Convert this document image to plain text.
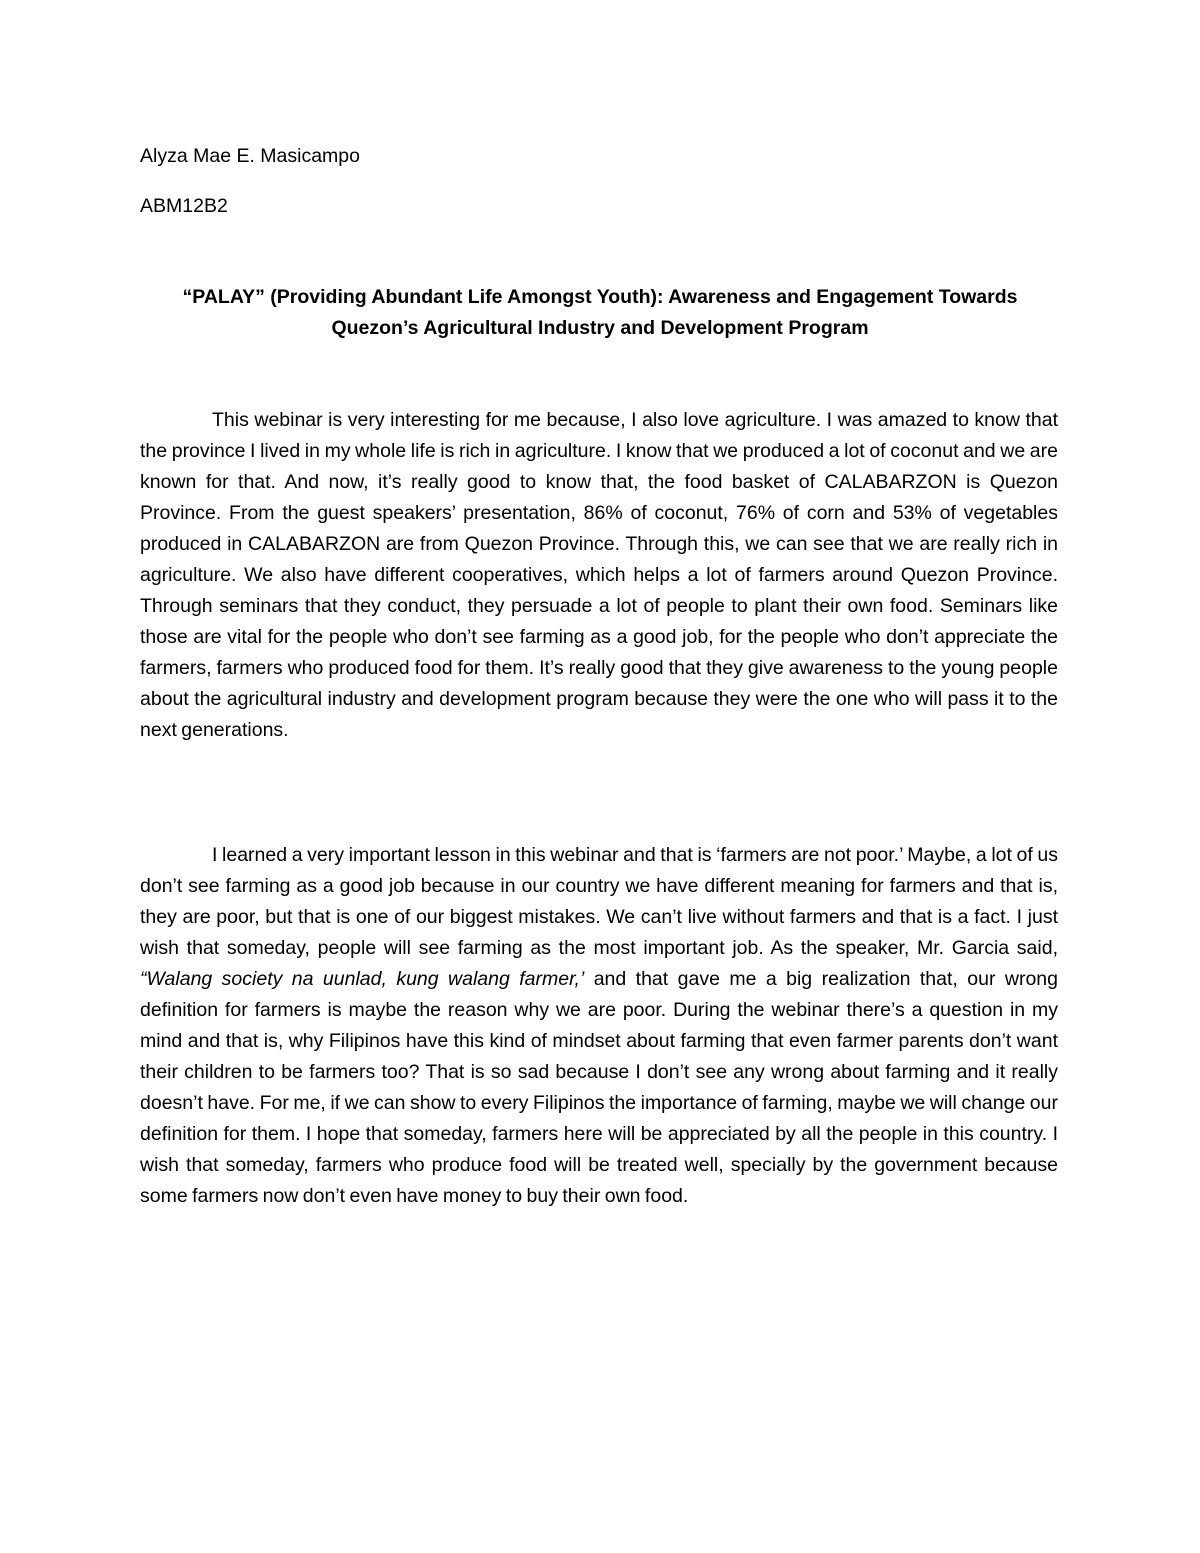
Alyza Mae E. Masicampo

ABM12B2

“PALAY” (Providing Abundant Life Amongst Youth): Awareness and Engagement Towards
Quezon’s Agricultural Industry and Development Program

This webinar is very interesting for me because, I also love agriculture. I was amazed to know that the province I lived in my whole life is rich in agriculture. I know that we produced a lot of coconut and we are known for that. And now, it’s really good to know that, the food basket of CALABARZON is Quezon Province. From the guest speakers’ presentation, 86% of coconut, 76% of corn and 53% of vegetables produced in CALABARZON are from Quezon Province. Through this, we can see that we are really rich in agriculture. We also have different cooperatives, which helps a lot of farmers around Quezon Province. Through seminars that they conduct, they persuade a lot of people to plant their own food. Seminars like those are vital for the people who don’t see farming as a good job, for the people who don’t appreciate the farmers, farmers who produced food for them. It’s really good that they give awareness to the young people about the agricultural industry and development program because they were the one who will pass it to the next generations.

I learned a very important lesson in this webinar and that is ‘farmers are not poor.’ Maybe, a lot of us don’t see farming as a good job because in our country we have different meaning for farmers and that is, they are poor, but that is one of our biggest mistakes. We can’t live without farmers and that is a fact. I just wish that someday, people will see farming as the most important job. As the speaker, Mr. Garcia said, “Walang society na uunlad, kung walang farmer,’ and that gave me a big realization that, our wrong definition for farmers is maybe the reason why we are poor. During the webinar there’s a question in my mind and that is, why Filipinos have this kind of mindset about farming that even farmer parents don’t want their children to be farmers too? That is so sad because I don’t see any wrong about farming and it really doesn’t have. For me, if we can show to every Filipinos the importance of farming, maybe we will change our definition for them. I hope that someday, farmers here will be appreciated by all the people in this country. I wish that someday, farmers who produce food will be treated well, specially by the government because some farmers now don’t even have money to buy their own food.
